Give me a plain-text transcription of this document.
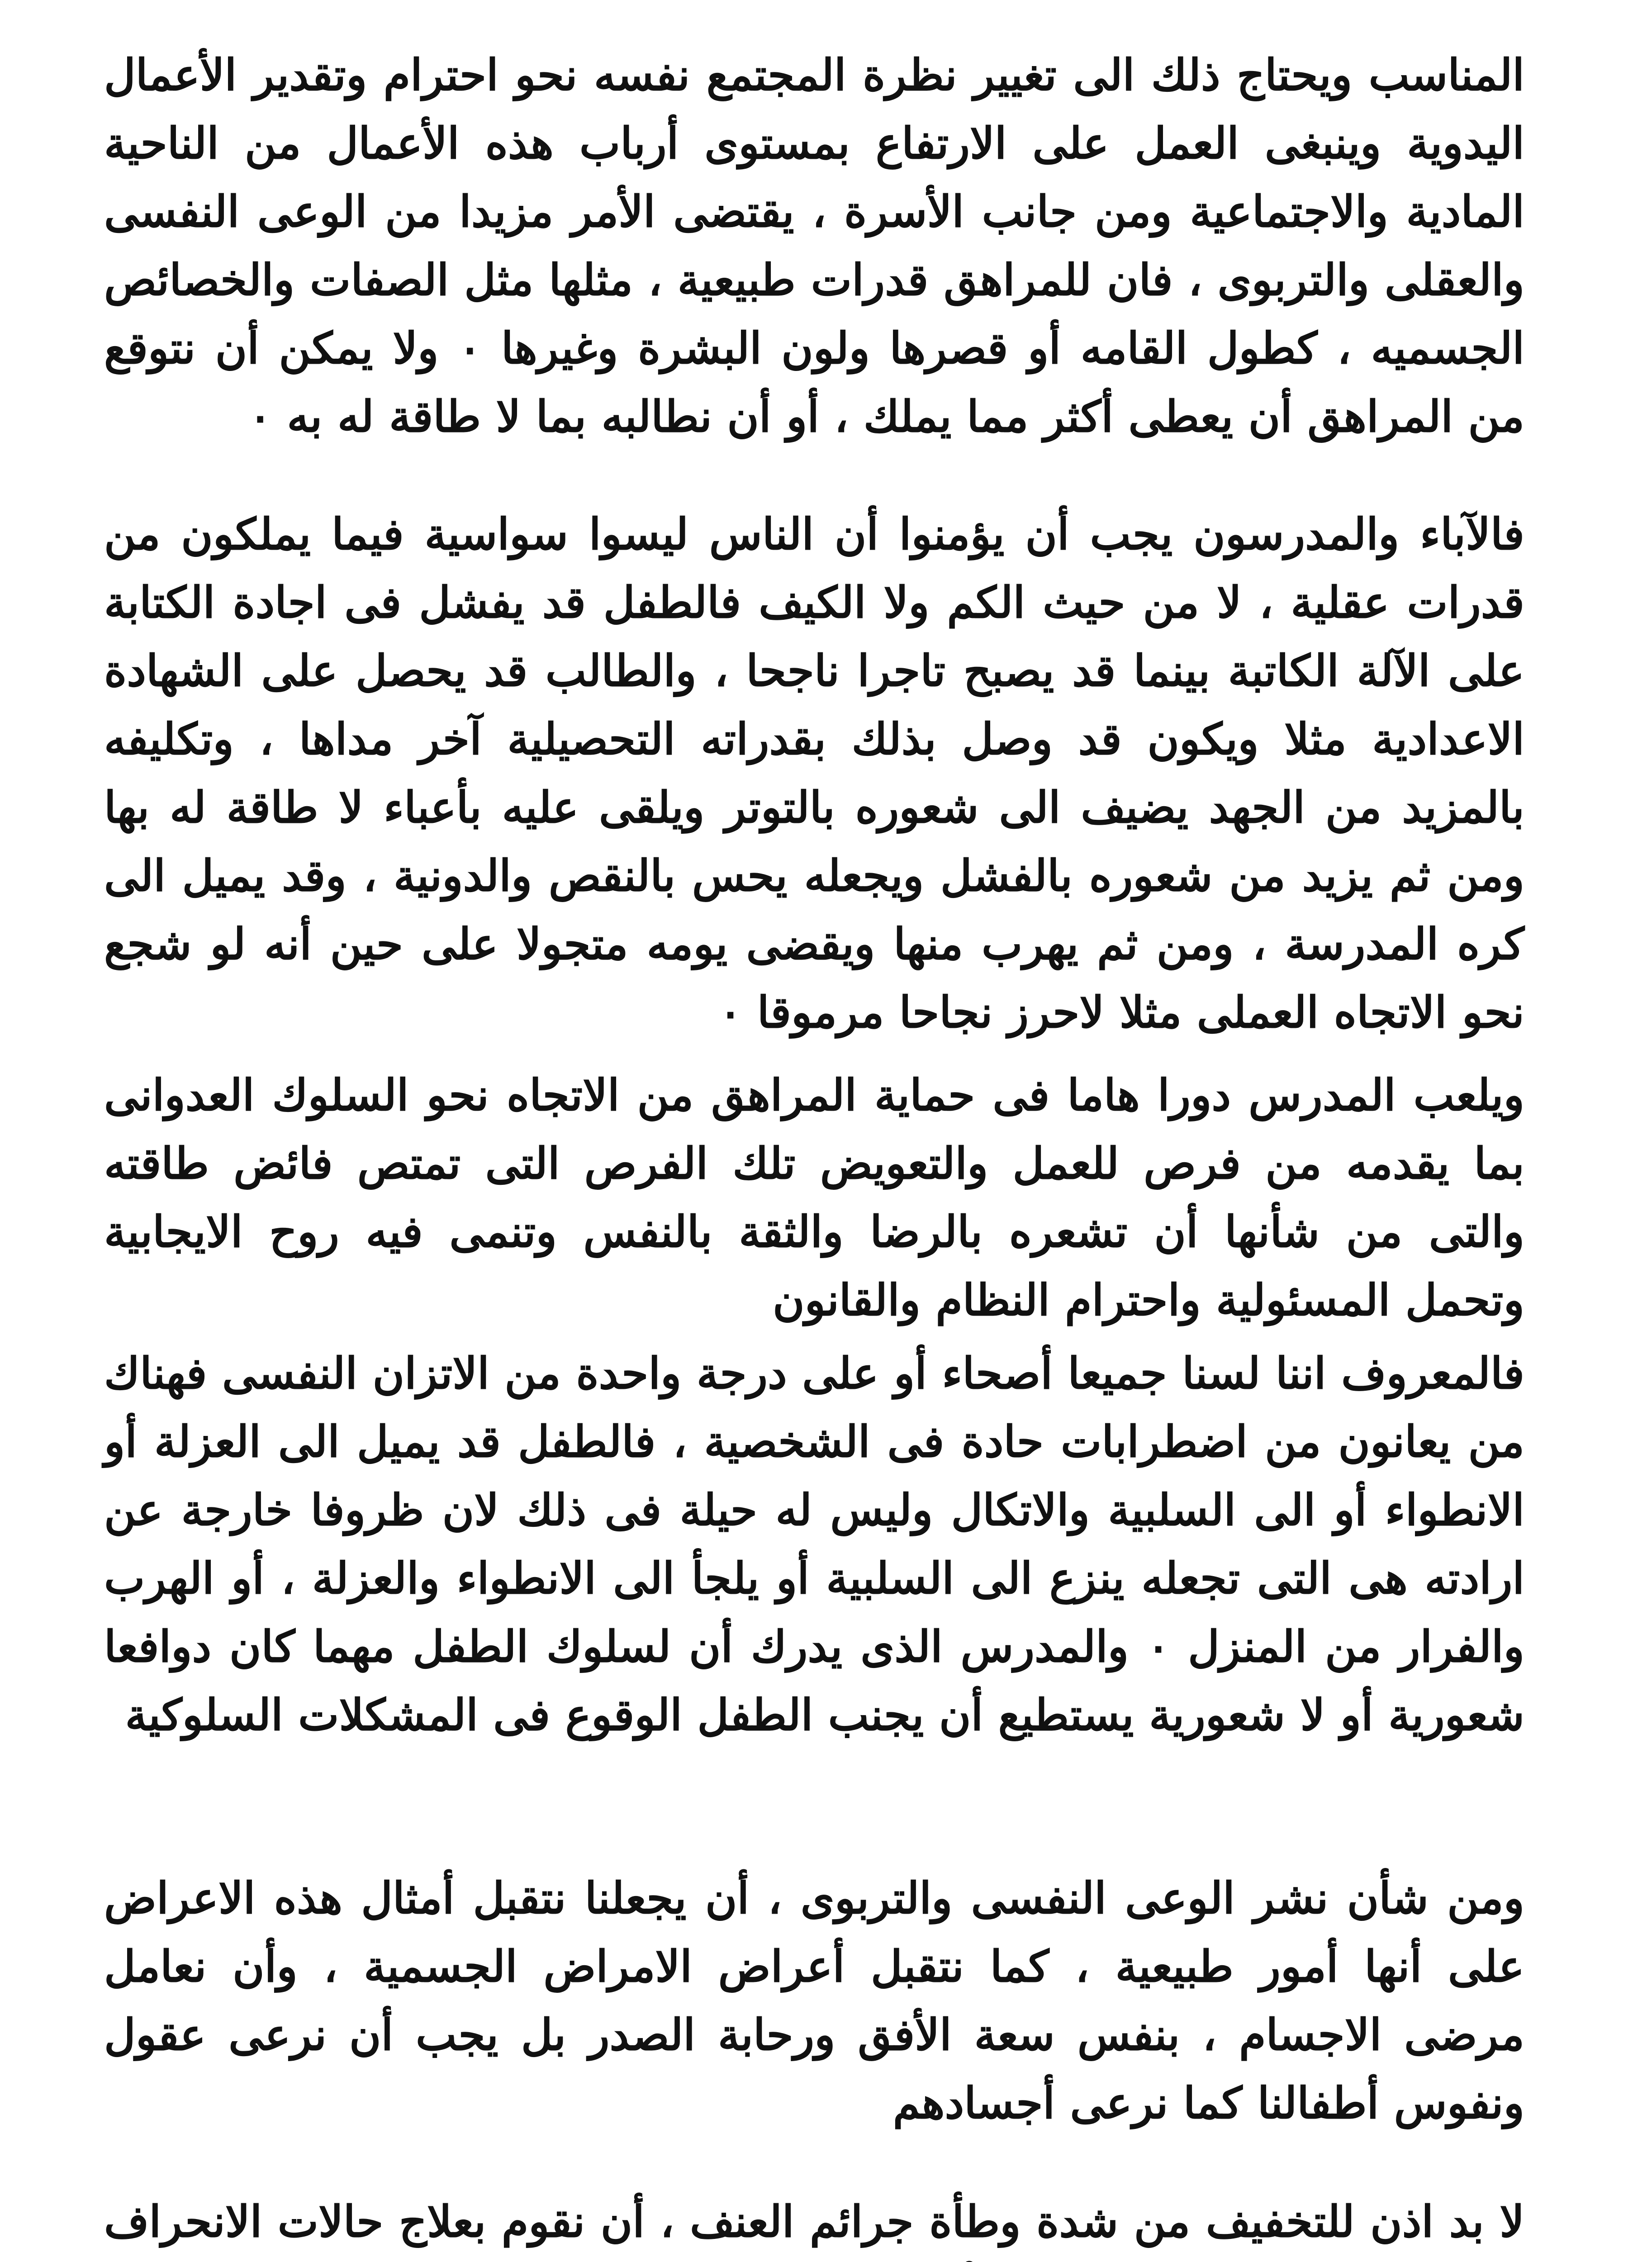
المناسب ويحتاج ذلك الى تغيير نظرة المجتمع نفسه نحو احترام وتقدير الأعمال اليدوية وينبغى العمل على الارتفاع بمستوى أرباب هذه الأعمال من الناحية المادية والاجتماعية ومن جانب الأسرة ، يقتضى الأمر مزيدا من الوعى النفسى والعقلى والتربوى ، فان للمراهق قدرات طبيعية ، مثلها مثل الصفات والخصائص الجسميه ، كطول القامه أو قصرها ولون البشرة وغيرها ٠ ولا يمكن أن نتوقع من المراهق أن يعطى أكثر مما يملك ، أو أن نطالبه بما لا طاقة له به ٠

فالآباء والمدرسون يجب أن يؤمنوا أن الناس ليسوا سواسية فيما يملكون من قدرات عقلية ، لا من حيث الكم ولا الكيف فالطفل قد يفشل فى اجادة الكتابة على الآلة الكاتبة بينما قد يصبح تاجرا ناجحا ، والطالب قد يحصل على الشهادة الاعدادية مثلا ويكون قد وصل بذلك بقدراته التحصيلية آخر مداها ، وتكليفه بالمزيد من الجهد يضيف الى شعوره بالتوتر ويلقى عليه بأعباء لا طاقة له بها ومن ثم يزيد من شعوره بالفشل ويجعله يحس بالنقص والدونية ، وقد يميل الى كره المدرسة ، ومن ثم يهرب منها ويقضى يومه متجولا على حين أنه لو شجع نحو الاتجاه العملى مثلا لاحرز نجاحا مرموقا ٠

ويلعب المدرس دورا هاما فى حماية المراهق من الاتجاه نحو السلوك العدوانى بما يقدمه من فرص للعمل والتعويض تلك الفرص التى تمتص فائض طاقته والتى من شأنها أن تشعره بالرضا والثقة بالنفس وتنمى فيه روح الايجابية وتحمل المسئولية واحترام النظام والقانون

فالمعروف اننا لسنا جميعا أصحاء أو على درجة واحدة من الاتزان النفسى فهناك من يعانون من اضطرابات حادة فى الشخصية ، فالطفل قد يميل الى العزلة أو الانطواء أو الى السلبية والاتكال وليس له حيلة فى ذلك لان ظروفا خارجة عن ارادته هى التى تجعله ينزع الى السلبية أو يلجأ الى الانطواء والعزلة ، أو الهرب والفرار من المنزل ٠ والمدرس الذى يدرك أن لسلوك الطفل مهما كان دوافعا شعورية أو لا شعورية يستطيع أن يجنب الطفل الوقوع فى المشكلات السلوكية

ومن شأن نشر الوعى النفسى والتربوى ، أن يجعلنا نتقبل أمثال هذه الاعراض على أنها أمور طبيعية ، كما نتقبل أعراض الامراض الجسمية ، وأن نعامل مرضى الاجسام ، بنفس سعة الأفق ورحابة الصدر بل يجب أن نرعى عقول ونفوس أطفالنا كما نرعى أجسادهم

لا بد اذن للتخفيف من شدة وطأة جرائم العنف ، أن نقوم بعلاج حالات الانحراف
